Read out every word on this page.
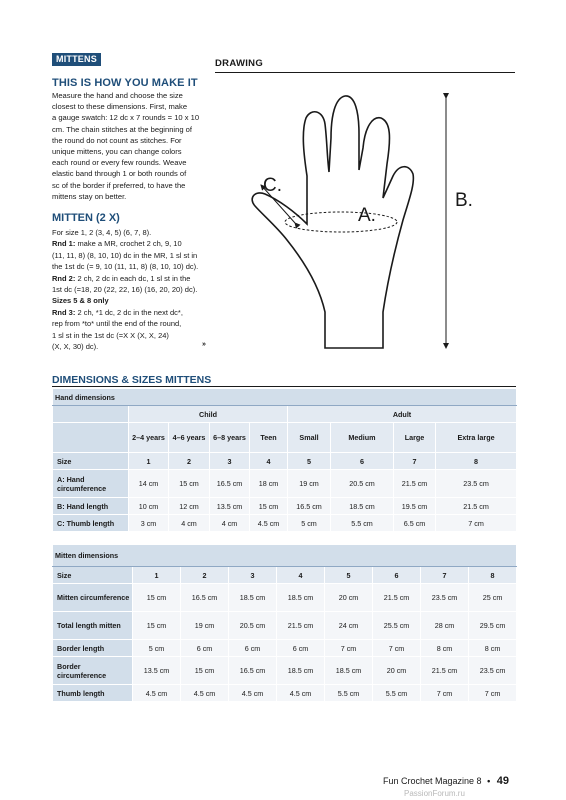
MITTENS
THIS IS HOW YOU MAKE IT
Measure the hand and choose the size
closest to these dimensions. First, make
a gauge swatch: 12 dc x 7 rounds = 10 x 10
cm. The chain stitches at the beginning of
the round do not count as stitches. For
unique mittens, you can change colors
each round or every few rounds. Weave
elastic band through 1 or both rounds of
sc of the border if preferred, to have the
mittens stay on better.
MITTEN (2 X)
For size 1, 2 (3, 4, 5) (6, 7, 8).
Rnd 1: make a MR, crochet 2 ch, 9, 10
(11, 11, 8) (8, 10, 10) dc in the MR, 1 sl st in
the 1st dc (= 9, 10 (11, 11, 8) (8, 10, 10) dc).
Rnd 2: 2 ch, 2 dc in each dc, 1 sl st in the
1st dc (=18, 20 (22, 22, 16) (16, 20, 20) dc).
Sizes 5 & 8 only
Rnd 3: 2 ch, *1 dc, 2 dc in the next dc*,
rep from *to* until the end of the round,
1 sl st in the 1st dc (=X X (X, X, 24)
(X, X, 30) dc).	»
DRAWING
A.
B.
C.
DIMENSIONS & SIZES MITTENS
Hand dimensions								
	Child				Adult			
	2–4 years	4–6 years	6–8 years	Teen	Small	Medium	Large	Extra large
Size	1	2	3	4	5	6	7	8
A: Hand circumference	14 cm	15 cm	16.5 cm	18 cm	19 cm	20.5 cm	21.5 cm	23.5 cm
B: Hand length	10 cm	12 cm	13.5 cm	15 cm	16.5 cm	18.5 cm	19.5 cm	21.5 cm
C: Thumb length	3 cm	4 cm	4 cm	4.5 cm	5 cm	5.5 cm	6.5 cm	7 cm
Mitten dimensions								
Size	1	2	3	4	5	6	7	8
Mitten circumference	15 cm	16.5 cm	18.5 cm	18.5 cm	20 cm	21.5 cm	23.5 cm	25 cm
Total length mitten	15 cm	19 cm	20.5 cm	21.5 cm	24 cm	25.5 cm	28 cm	29.5 cm
Border length	5 cm	6 cm	6 cm	6 cm	7 cm	7 cm	8 cm	8 cm
Border circumference	13.5 cm	15 cm	16.5 cm	18.5 cm	18.5 cm	20 cm	21.5 cm	23.5 cm
Thumb length	4.5 cm	4.5 cm	4.5 cm	4.5 cm	5.5 cm	5.5 cm	7 cm	7 cm
Fun Crochet Magazine 8 • 49
PassionForum.ru
